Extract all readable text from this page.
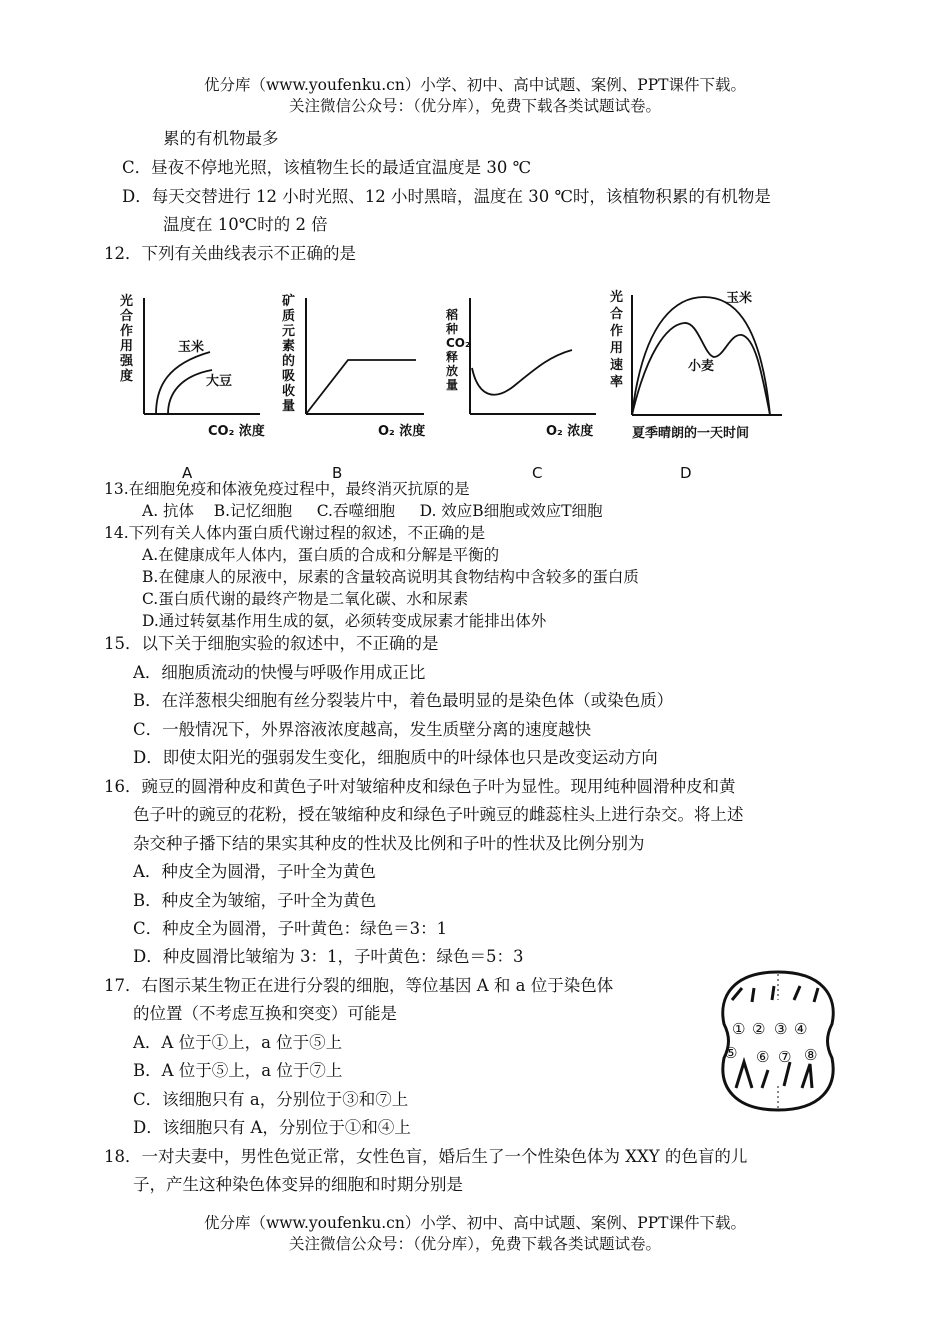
优分库（www.youfenku.cn）小学、初中、高中试题、案例、PPT课件下载。
关注微信公众号：（优分库），免费下载各类试题试卷。
累的有机物最多
C．昼夜不停地光照，该植物生长的最适宜温度是 30 ℃
D．每天交替进行 12 小时光照、12 小时黑暗，温度在 30 ℃时，该植物积累的有机物是
温度在 10℃时的 2 倍
12．下列有关曲线表示不正确的是
光合作用强度
玉米
大豆
CO₂ 浓度
A
矿质元素的吸收量
O₂ 浓度
B
稻种CO₂释放量
O₂ 浓度
C
光合作用速率
玉米
小麦
夏季晴朗的一天时间
D
13.在细胞免疫和体液免疫过程中，最终消灭抗原的是
A. 抗体    B.记忆细胞     C.吞噬细胞     D. 效应B细胞或效应T细胞
14.下列有关人体内蛋白质代谢过程的叙述，不正确的是
A.在健康成年人体内，蛋白质的合成和分解是平衡的
B.在健康人的尿液中，尿素的含量较高说明其食物结构中含较多的蛋白质
C.蛋白质代谢的最终产物是二氧化碳、水和尿素
D.通过转氨基作用生成的氨，必须转变成尿素才能排出体外
15．以下关于细胞实验的叙述中，不正确的是
A．细胞质流动的快慢与呼吸作用成正比
B．在洋葱根尖细胞有丝分裂装片中，着色最明显的是染色体（或染色质）
C．一般情况下，外界溶液浓度越高，发生质壁分离的速度越快
D．即使太阳光的强弱发生变化，细胞质中的叶绿体也只是改变运动方向
16．豌豆的圆滑种皮和黄色子叶对皱缩种皮和绿色子叶为显性。现用纯种圆滑种皮和黄
色子叶的豌豆的花粉，授在皱缩种皮和绿色子叶豌豆的雌蕊柱头上进行杂交。将上述
杂交种子播下结的果实其种皮的性状及比例和子叶的性状及比例分别为
A．种皮全为圆滑，子叶全为黄色
B．种皮全为皱缩，子叶全为黄色
C．种皮全为圆滑，子叶黄色：绿色＝3：1
D．种皮圆滑比皱缩为 3：1，子叶黄色：绿色＝5：3
17．右图示某生物正在进行分裂的细胞，等位基因 A 和 a 位于染色体
的位置（不考虑互换和突变）可能是
A．A 位于①上，a 位于⑤上
B．A 位于⑤上，a 位于⑦上
C．该细胞只有 a，分别位于③和⑦上
D．该细胞只有 A，分别位于①和④上
① ② ③ ④
⑤ ⑥ ⑦ ⑧
18．一对夫妻中，男性色觉正常，女性色盲，婚后生了一个性染色体为 XXY 的色盲的儿
子，产生这种染色体变异的细胞和时期分别是
优分库（www.youfenku.cn）小学、初中、高中试题、案例、PPT课件下载。
关注微信公众号：（优分库），免费下载各类试题试卷。
